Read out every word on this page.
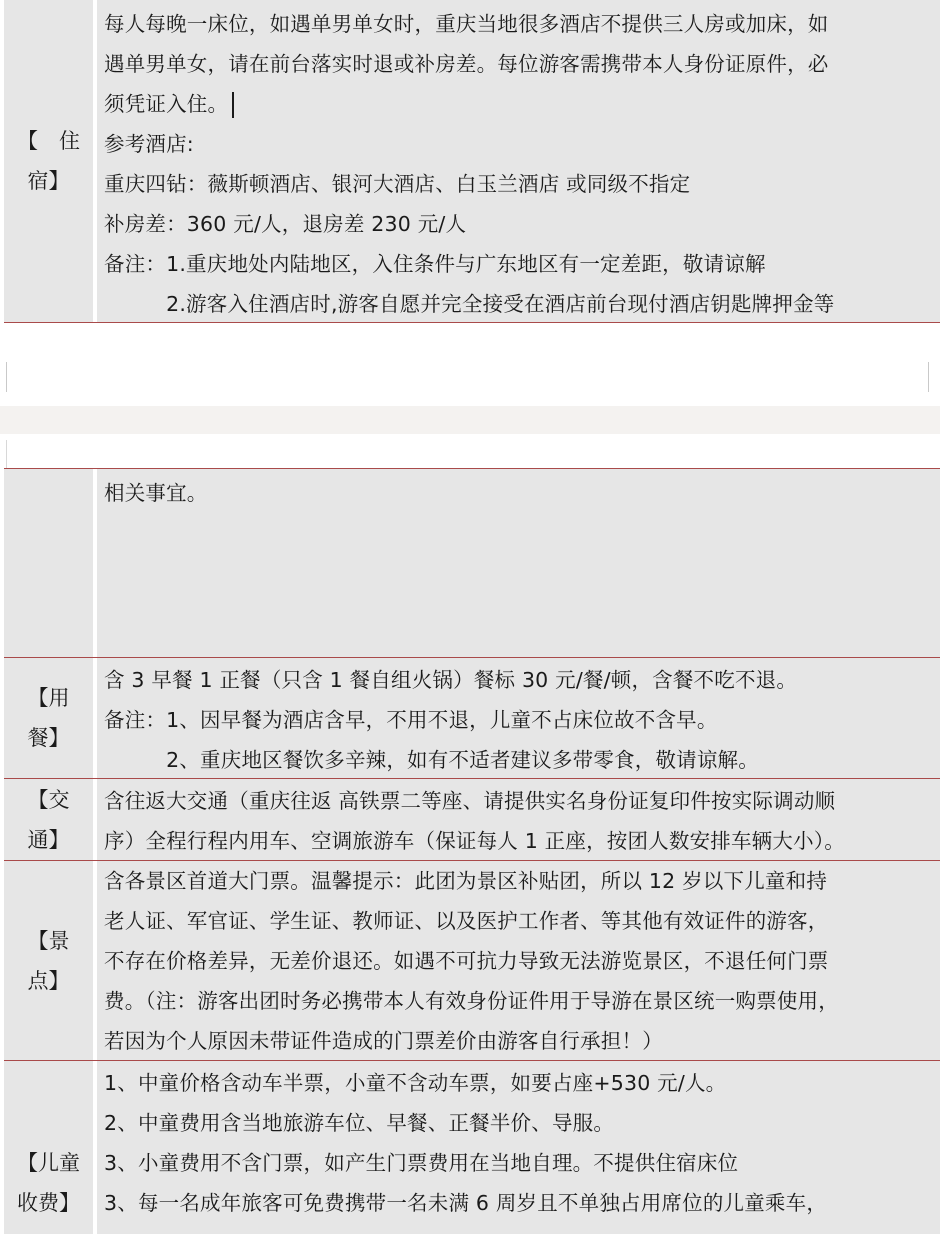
【　住
宿】
每人每晚一床位，如遇单男单女时，重庆当地很多酒店不提供三人房或加床，如
遇单男单女，请在前台落实时退或补房差。每位游客需携带本人身份证原件，必
须凭证入住。
参考酒店:
重庆四钻：薇斯顿酒店、银河大酒店、白玉兰酒店 或同级不指定
补房差：360 元/人，退房差 230 元/人
备注：1.重庆地处内陆地区，入住条件与广东地区有一定差距，敬请谅解
　　　2.游客入住酒店时,游客自愿并完全接受在酒店前台现付酒店钥匙牌押金等
相关事宜。
【用
餐】
含 3 早餐 1 正餐（只含 1 餐自组火锅）餐标 30 元/餐/顿，含餐不吃不退。
备注：1、因早餐为酒店含早，不用不退，儿童不占床位故不含早。
　　　2、重庆地区餐饮多辛辣，如有不适者建议多带零食，敬请谅解。
【交
通】
含往返大交通（重庆往返 高铁票二等座、请提供实名身份证复印件按实际调动顺
序）全程行程内用车、空调旅游车（保证每人 1 正座，按团人数安排车辆大小）。
【景
点】
含各景区首道大门票。温馨提示：此团为景区补贴团，所以 12 岁以下儿童和持
老人证、军官证、学生证、教师证、以及医护工作者、等其他有效证件的游客，
不存在价格差异，无差价退还。如遇不可抗力导致无法游览景区，不退任何门票
费。（注：游客出团时务必携带本人有效身份证件用于导游在景区统一购票使用，
若因为个人原因未带证件造成的门票差价由游客自行承担！）
【儿童
收费】
1、中童价格含动车半票，小童不含动车票，如要占座+530 元/人。
2、中童费用含当地旅游车位、早餐、正餐半价、导服。
3、小童费用不含门票，如产生门票费用在当地自理。不提供住宿床位
3、每一名成年旅客可免费携带一名未满 6 周岁且不单独占用席位的儿童乘车，
